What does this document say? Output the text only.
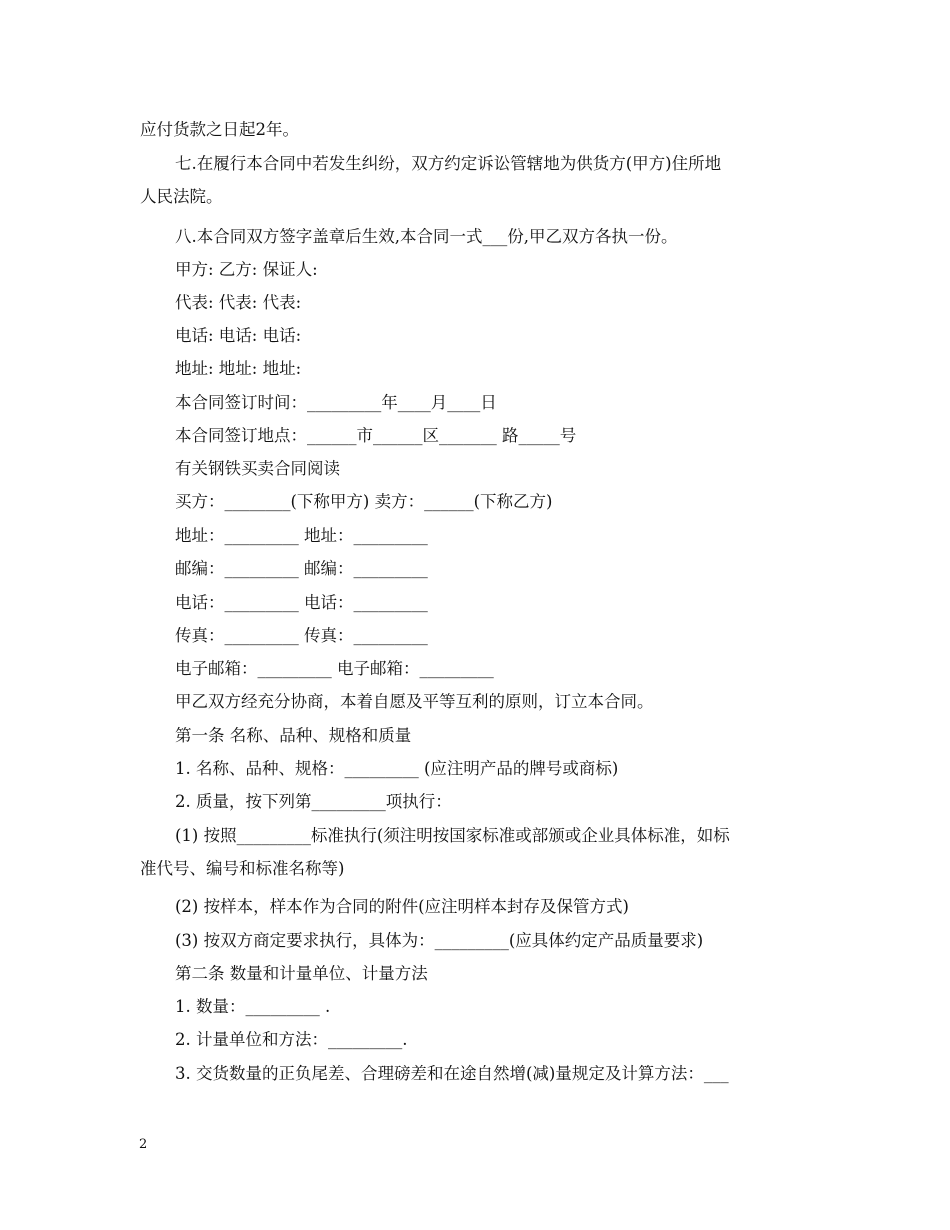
应付货款之日起2年。
七.在履行本合同中若发生纠纷，双方约定诉讼管辖地为供货方(甲方)住所地
人民法院。
八.本合同双方签字盖章后生效,本合同一式___份,甲乙双方各执一份。
甲方: 乙方: 保证人:
代表: 代表: 代表:
电话: 电话: 电话:
地址: 地址: 地址:
本合同签订时间：_________年____月____日
本合同签订地点：______市______区_______ 路_____号
有关钢铁买卖合同阅读
买方：________(下称甲方) 卖方：______(下称乙方)
地址：_________ 地址：_________
邮编：_________ 邮编：_________
电话：_________ 电话：_________
传真：_________ 传真：_________
电子邮箱：_________ 电子邮箱：_________
甲乙双方经充分协商，本着自愿及平等互利的原则，订立本合同。
第一条 名称、品种、规格和质量
1. 名称、品种、规格：_________ (应注明产品的牌号或商标)
2. 质量，按下列第_________项执行：
(1) 按照_________标准执行(须注明按国家标准或部颁或企业具体标准，如标
准代号、编号和标准名称等)
(2) 按样本，样本作为合同的附件(应注明样本封存及保管方式)
(3) 按双方商定要求执行，具体为：_________(应具体约定产品质量要求)
第二条 数量和计量单位、计量方法
1. 数量：_________ .
2. 计量单位和方法：_________.
3. 交货数量的正负尾差、合理磅差和在途自然增(减)量规定及计算方法：___
2
